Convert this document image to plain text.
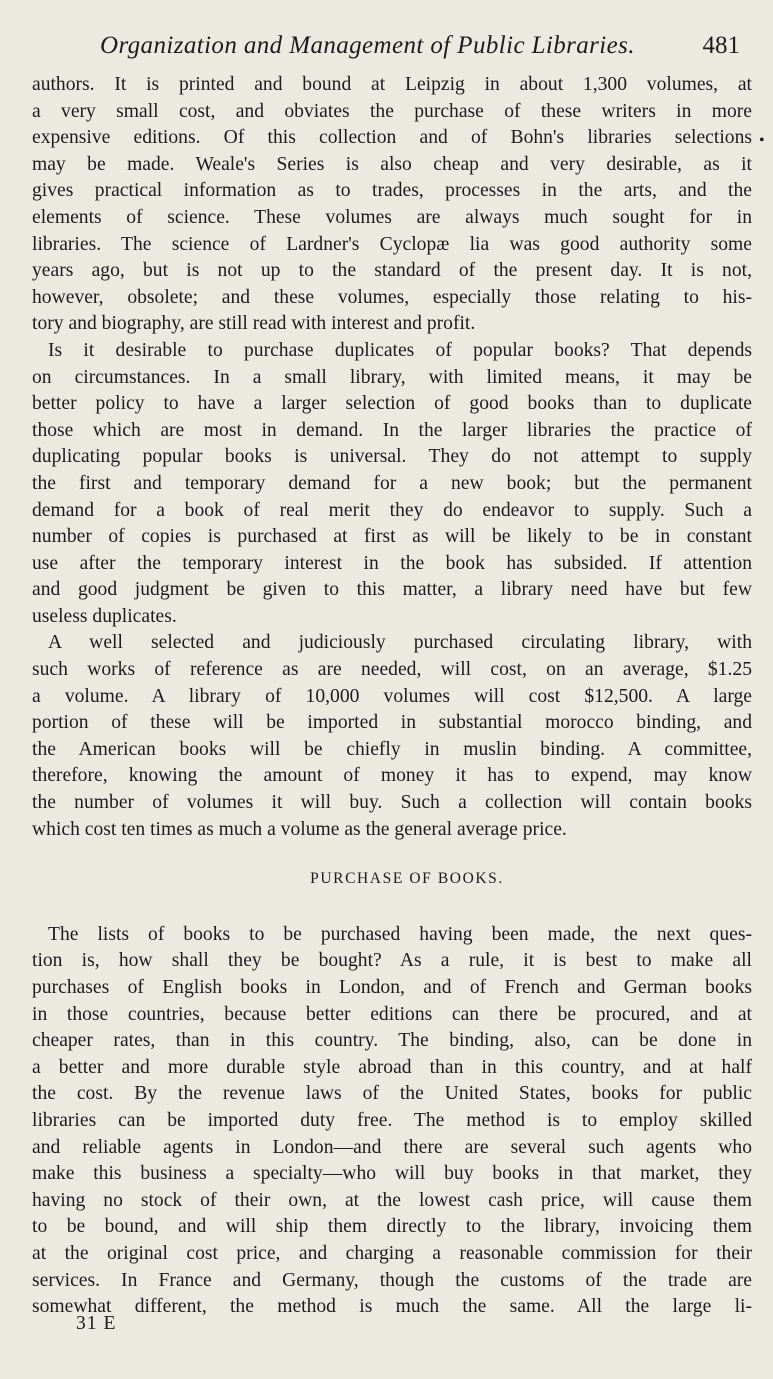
Organization and Management of Public Libraries.	481
•
authors. It is printed and bound at Leipzig in about 1,300 volumes, at
a very small cost, and obviates the purchase of these writers in more
expensive editions. Of this collection and of Bohn's libraries selections
may be made. Weale's Series is also cheap and very desirable, as it
gives practical information as to trades, processes in the arts, and the
elements of science. These volumes are always much sought for in
libraries. The science of Lardner's Cyclopæ lia was good authority some
years ago, but is not up to the standard of the present day. It is not,
however, obsolete; and these volumes, especially those relating to his-
tory and biography, are still read with interest and profit.
Is it desirable to purchase duplicates of popular books? That depends
on circumstances. In a small library, with limited means, it may be
better policy to have a larger selection of good books than to duplicate
those which are most in demand. In the larger libraries the practice of
duplicating popular books is universal. They do not attempt to supply
the first and temporary demand for a new book; but the permanent
demand for a book of real merit they do endeavor to supply. Such a
number of copies is purchased at first as will be likely to be in constant
use after the temporary interest in the book has subsided. If attention
and good judgment be given to this matter, a library need have but few
useless duplicates.
A well selected and judiciously purchased circulating library, with
such works of reference as are needed, will cost, on an average, $1.25
a volume. A library of 10,000 volumes will cost $12,500. A large
portion of these will be imported in substantial morocco binding, and
the American books will be chiefly in muslin binding. A committee,
therefore, knowing the amount of money it has to expend, may know
the number of volumes it will buy. Such a collection will contain books
which cost ten times as much a volume as the general average price.
PURCHASE OF BOOKS.
The lists of books to be purchased having been made, the next ques-
tion is, how shall they be bought? As a rule, it is best to make all
purchases of English books in London, and of French and German books
in those countries, because better editions can there be procured, and at
cheaper rates, than in this country. The binding, also, can be done in
a better and more durable style abroad than in this country, and at half
the cost. By the revenue laws of the United States, books for public
libraries can be imported duty free. The method is to employ skilled
and reliable agents in London—and there are several such agents who
make this business a specialty—who will buy books in that market, they
having no stock of their own, at the lowest cash price, will cause them
to be bound, and will ship them directly to the library, invoicing them
at the original cost price, and charging a reasonable commission for their
services. In France and Germany, though the customs of the trade are
somewhat different, the method is much the same. All the large li-
31 E
